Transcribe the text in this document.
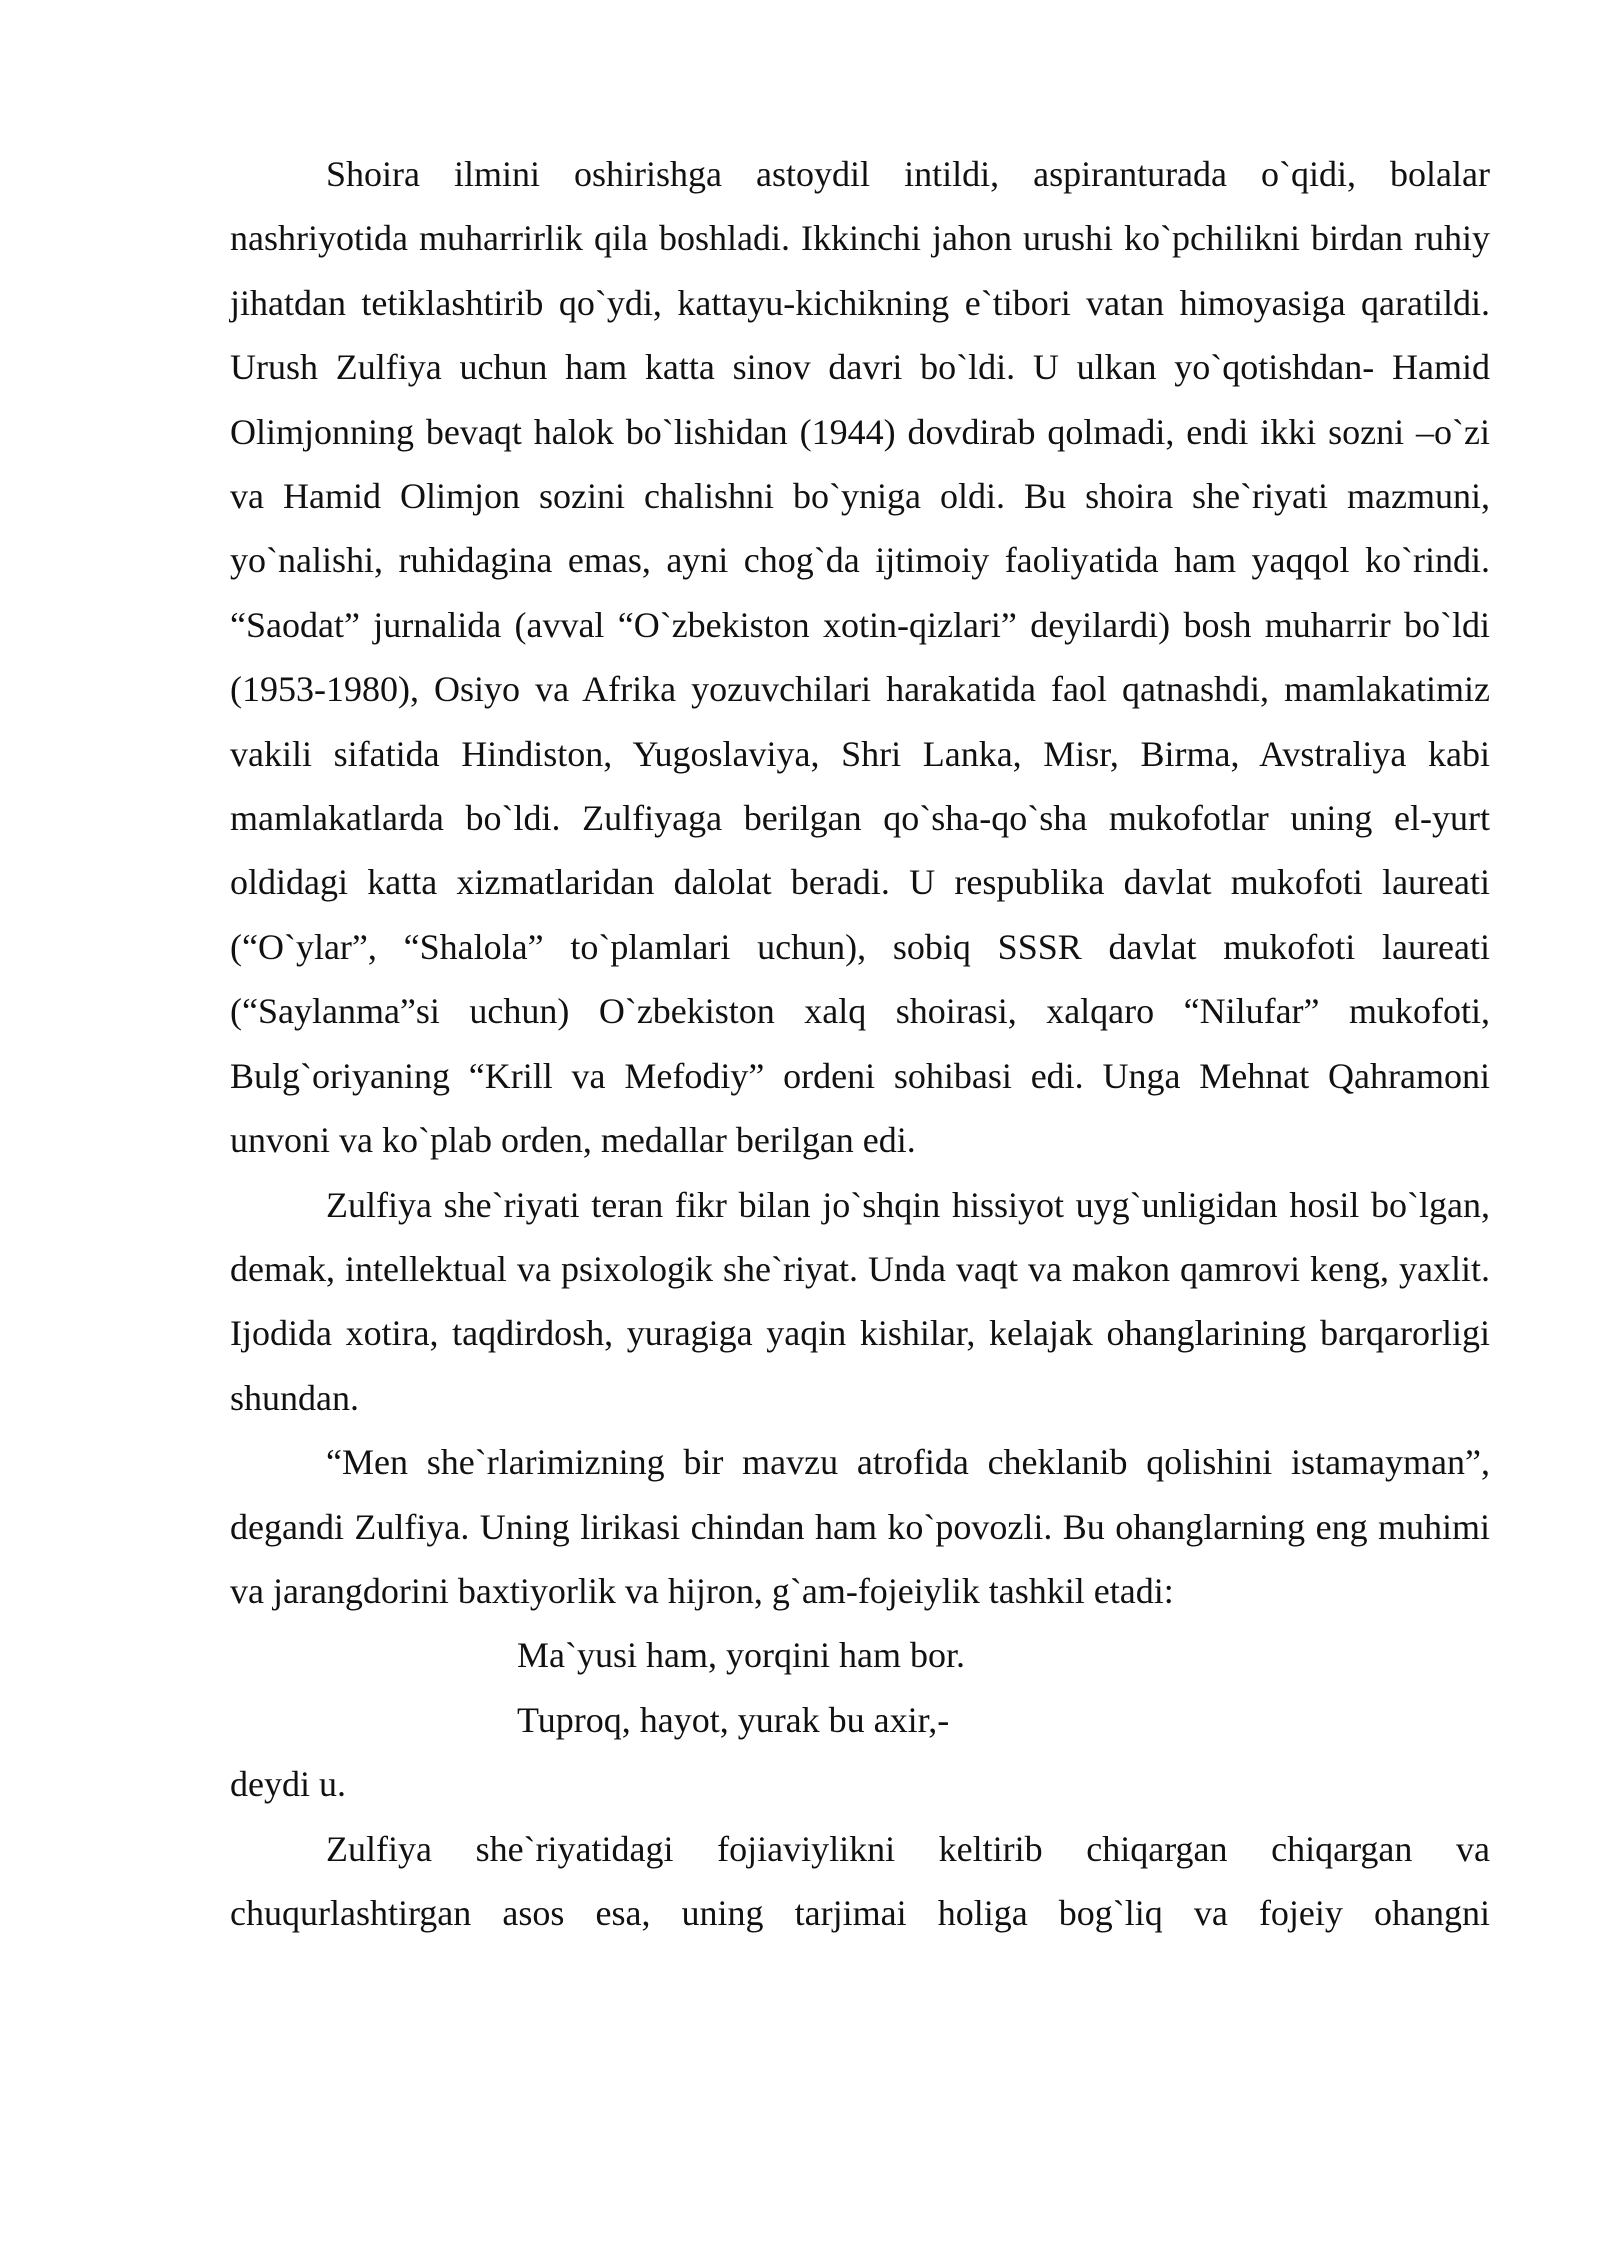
Shoira ilmini oshirishga astoydil intildi, aspiranturada o`qidi, bolalar nashriyotida muharrirlik qila boshladi. Ikkinchi jahon urushi ko`pchilikni birdan ruhiy jihatdan tetiklashtirib qo`ydi, kattayu-kichikning e`tibori vatan himoyasiga qaratildi. Urush Zulfiya uchun ham katta sinov davri bo`ldi. U ulkan yo`qotishdan- Hamid Olimjonning bevaqt halok bo`lishidan (1944) dovdirab qolmadi, endi ikki sozni –o`zi va Hamid Olimjon sozini chalishni bo`yniga oldi. Bu shoira she`riyati mazmuni, yo`nalishi, ruhidagina emas, ayni chog`da ijtimoiy faoliyatida ham yaqqol ko`rindi. “Saodat” jurnalida (avval “O`zbekiston xotin-qizlari” deyilardi) bosh muharrir bo`ldi (1953-1980), Osiyo va Afrika yozuvchilari harakatida faol qatnashdi, mamlakatimiz vakili sifatida Hindiston, Yugoslaviya, Shri Lanka, Misr, Birma, Avstraliya kabi mamlakatlarda bo`ldi. Zulfiyaga berilgan qo`sha-qo`sha mukofotlar uning el-yurt oldidagi katta xizmatlaridan dalolat beradi. U respublika davlat mukofoti laureati (“O`ylar”, “Shalola” to`plamlari uchun), sobiq SSSR davlat mukofoti laureati (“Saylanma”si uchun) O`zbekiston xalq shoirasi, xalqaro “Nilufar” mukofoti, Bulg`oriyaning “Krill va Mefodiy” ordeni sohibasi edi. Unga Mehnat Qahramoni unvoni va ko`plab orden, medallar berilgan edi.

Zulfiya she`riyati teran fikr bilan jo`shqin hissiyot uyg`unligidan hosil bo`lgan, demak, intellektual va psixologik she`riyat. Unda vaqt va makon qamrovi keng, yaxlit. Ijodida xotira, taqdirdosh, yuragiga yaqin kishilar, kelajak ohanglarining barqarorligi shundan.

“Men she`rlarimizning bir mavzu atrofida cheklanib qolishini istamayman”, degandi Zulfiya. Uning lirikasi chindan ham ko`povozli. Bu ohanglarning eng muhimi va jarangdorini baxtiyorlik va hijron, g`am-fojeiylik tashkil etadi:

Ma`yusi ham, yorqini ham bor.

Tuproq, hayot, yurak bu axir,-

deydi u.

Zulfiya she`riyatidagi fojiaviylikni keltirib chiqargan chiqargan va chuqurlashtirgan asos esa, uning tarjimai holiga bog`liq va fojeiy ohangni
